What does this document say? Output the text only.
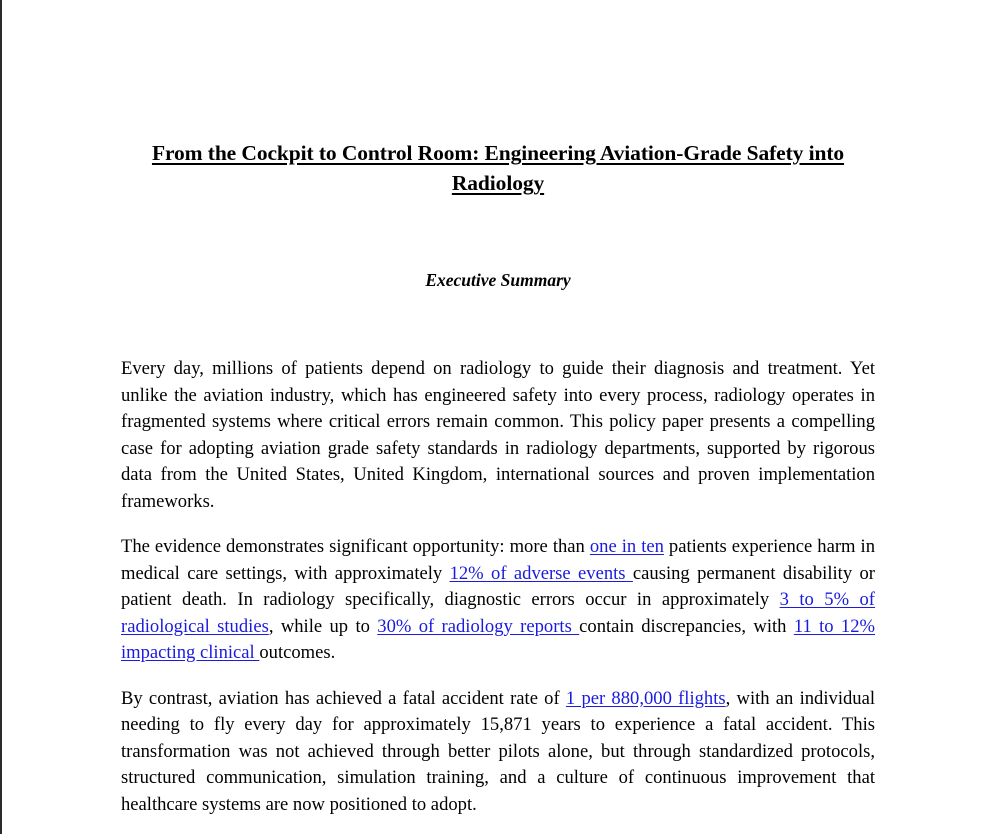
From the Cockpit to Control Room: Engineering Aviation-Grade Safety into Radiology
Executive Summary

Every day, millions of patients depend on radiology to guide their diagnosis and treatment. Yet unlike the aviation industry, which has engineered safety into every process, radiology operates in fragmented systems where critical errors remain common. This policy paper presents a compelling case for adopting aviation grade safety standards in radiology departments, supported by rigorous data from the United States, United Kingdom, international sources and proven implementation frameworks.

The evidence demonstrates significant opportunity: more than one in ten patients experience harm in medical care settings, with approximately 12% of adverse events causing permanent disability or patient death. In radiology specifically, diagnostic errors occur in approximately 3 to 5% of radiological studies, while up to 30% of radiology reports contain discrepancies, with 11 to 12% impacting clinical outcomes.

By contrast, aviation has achieved a fatal accident rate of 1 per 880,000 flights, with an individual needing to fly every day for approximately 15,871 years to experience a fatal accident. This transformation was not achieved through better pilots alone, but through standardized protocols, structured communication, simulation training, and a culture of continuous improvement that healthcare systems are now positioned to adopt.
